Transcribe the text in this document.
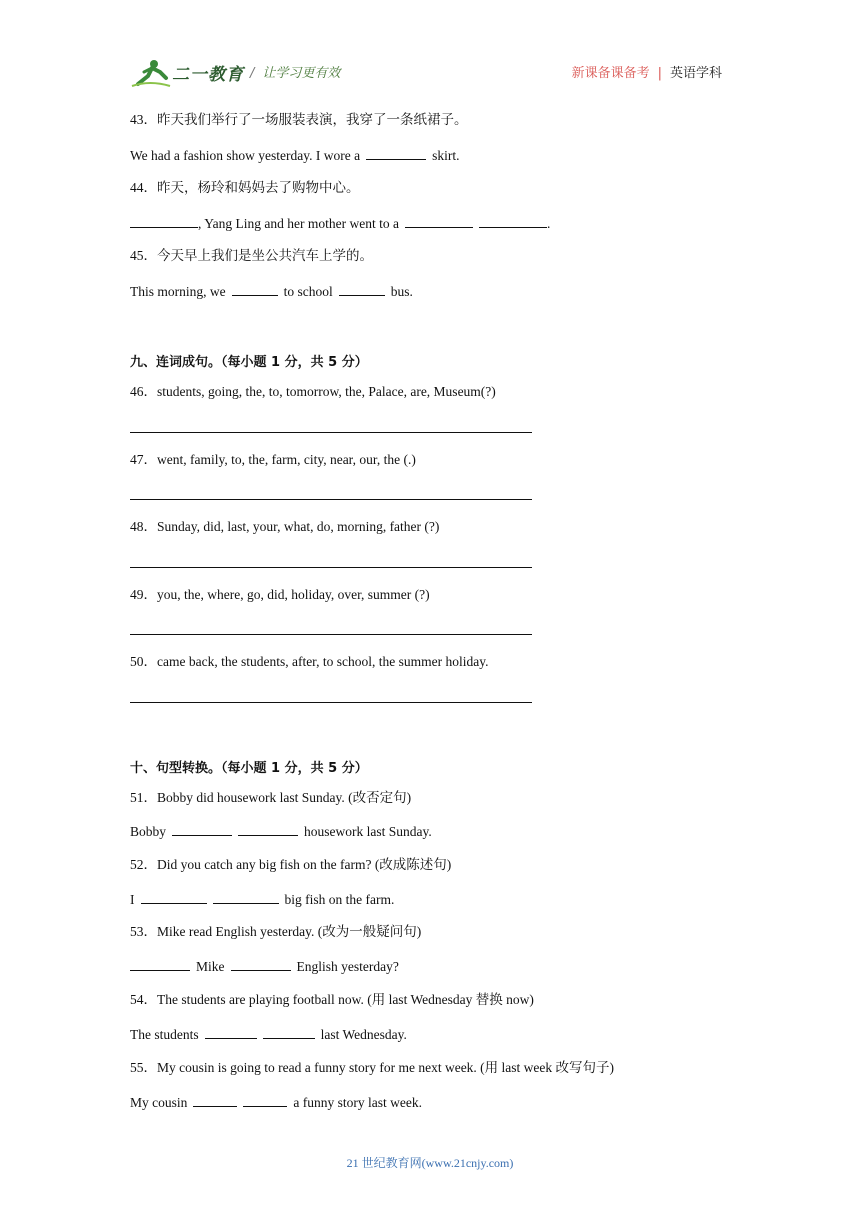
二一教育 / 让学习更有效	新课备课备考 | 英语学科
43．昨天我们举行了一场服装表演，我穿了一条纸裙子。
We had a fashion show yesterday. I wore a	skirt.
44．昨天，杨玲和妈妈去了购物中心。
, Yang Ling and her mother went to a	.
45．今天早上我们是坐公共汽车上学的。
This morning, we	to school	bus.
九、连词成句。（每小题 1 分，共 5 分）
46．students, going, the, to, tomorrow, the, Palace, are, Museum(?)
47．went, family, to, the, farm, city, near, our, the (.)
48．Sunday, did, last, your, what, do, morning, father (?)
49．you, the, where, go, did, holiday, over, summer (?)
50．came back, the students, after, to school, the summer holiday.
十、句型转换。（每小题 1 分，共 5 分）
51．Bobby did housework last Sunday. (改否定句)
Bobby	housework last Sunday.
52．Did you catch any big fish on the farm? (改成陈述句)
I	big fish on the farm.
53．Mike read English yesterday. (改为一般疑问句)
Mike	English yesterday?
54．The students are playing football now. (用 last Wednesday 替换 now)
The students	last Wednesday.
55．My cousin is going to read a funny story for me next week. (用 last week 改写句子)
My cousin	a funny story last week.
21 世纪教育网(www.21cnjy.com)
